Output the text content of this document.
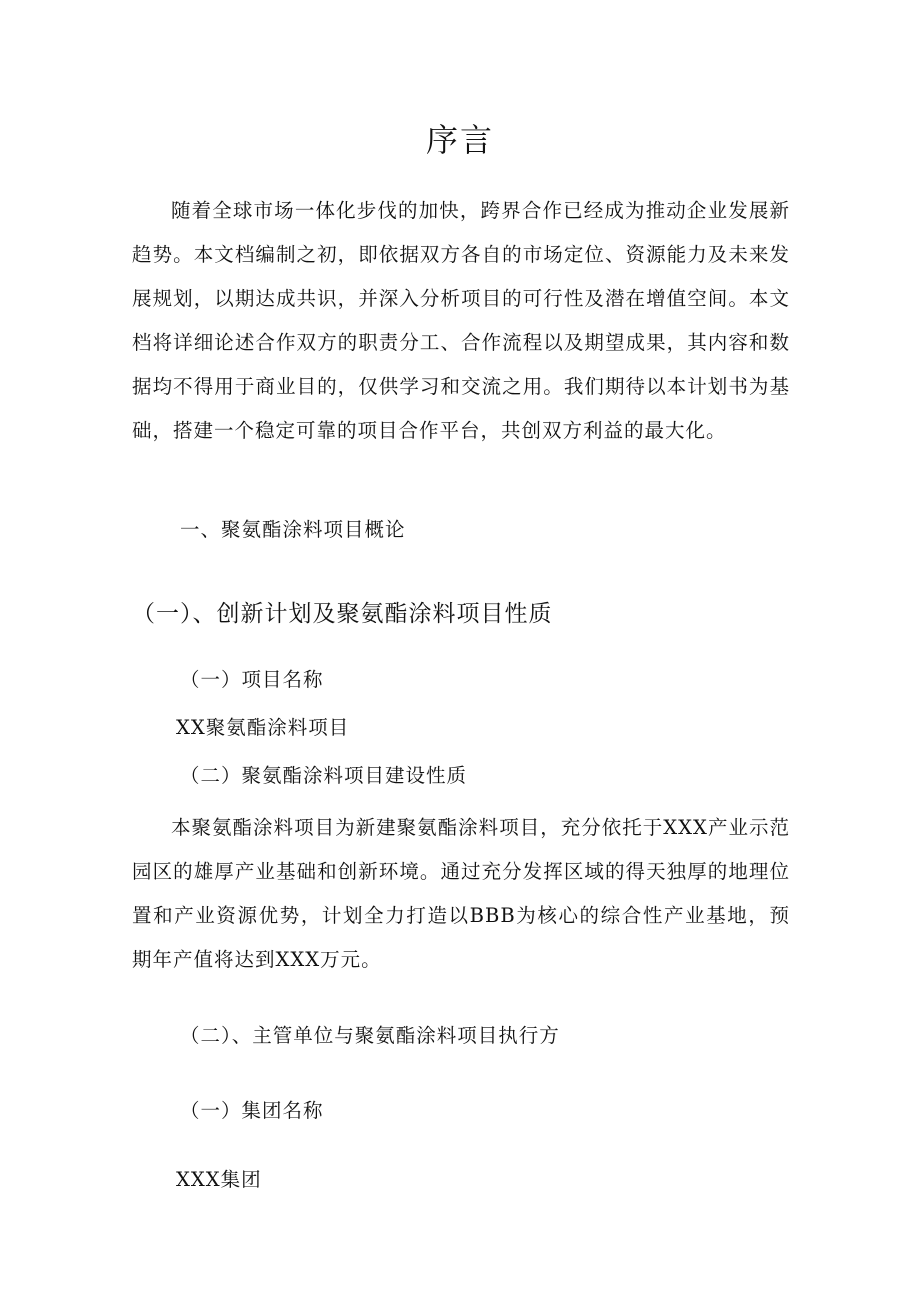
序言

随着全球市场一体化步伐的加快，跨界合作已经成为推动企业发展新趋势。本文档编制之初，即依据双方各自的市场定位、资源能力及未来发展规划，以期达成共识，并深入分析项目的可行性及潜在增值空间。本文档将详细论述合作双方的职责分工、合作流程以及期望成果，其内容和数据均不得用于商业目的，仅供学习和交流之用。我们期待以本计划书为基础，搭建一个稳定可靠的项目合作平台，共创双方利益的最大化。

一、聚氨酯涂料项目概论
（一）、创新计划及聚氨酯涂料项目性质
（一）项目名称
XX聚氨酯涂料项目
（二）聚氨酯涂料项目建设性质

本聚氨酯涂料项目为新建聚氨酯涂料项目，充分依托于XXX产业示范园区的雄厚产业基础和创新环境。通过充分发挥区域的得天独厚的地理位置和产业资源优势，计划全力打造以BBB为核心的综合性产业基地，预期年产值将达到XXX万元。

（二）、主管单位与聚氨酯涂料项目执行方
（一）集团名称
XXX集团
